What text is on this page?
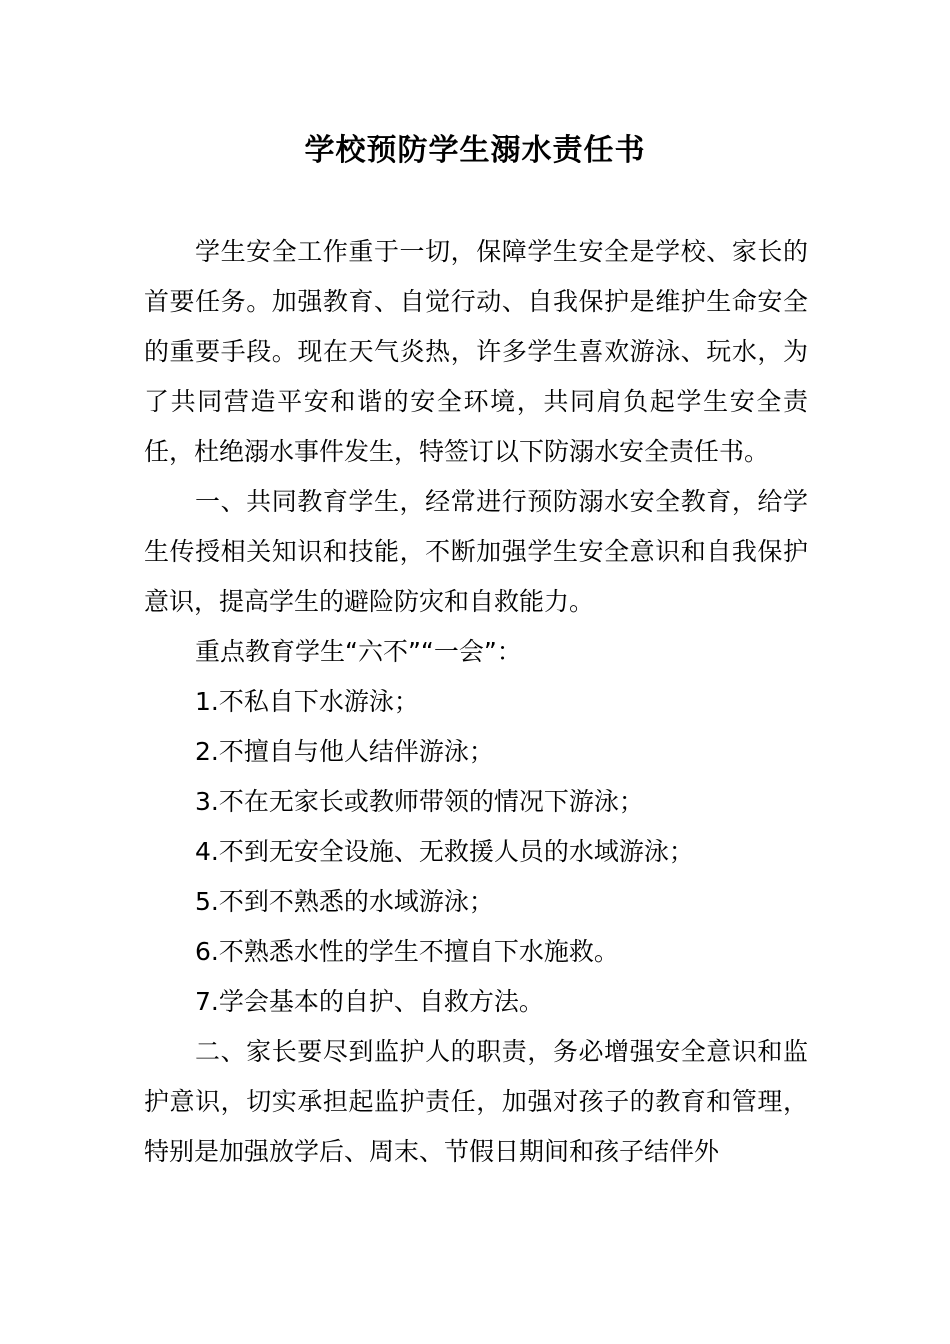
学校预防学生溺水责任书

学生安全工作重于一切，保障学生安全是学校、家长的首要任务。加强教育、自觉行动、自我保护是维护生命安全的重要手段。现在天气炎热，许多学生喜欢游泳、玩水，为了共同营造平安和谐的安全环境，共同肩负起学生安全责任，杜绝溺水事件发生，特签订以下防溺水安全责任书。

一、共同教育学生，经常进行预防溺水安全教育，给学生传授相关知识和技能，不断加强学生安全意识和自我保护意识，提高学生的避险防灾和自救能力。

重点教育学生“六不”“一会”：

1.不私自下水游泳；

2.不擅自与他人结伴游泳；

3.不在无家长或教师带领的情况下游泳；

4.不到无安全设施、无救援人员的水域游泳；

5.不到不熟悉的水域游泳；

6.不熟悉水性的学生不擅自下水施救。

7.学会基本的自护、自救方法。

二、家长要尽到监护人的职责，务必增强安全意识和监护意识，切实承担起监护责任，加强对孩子的教育和管理，特别是加强放学后、周末、节假日期间和孩子结伴外
